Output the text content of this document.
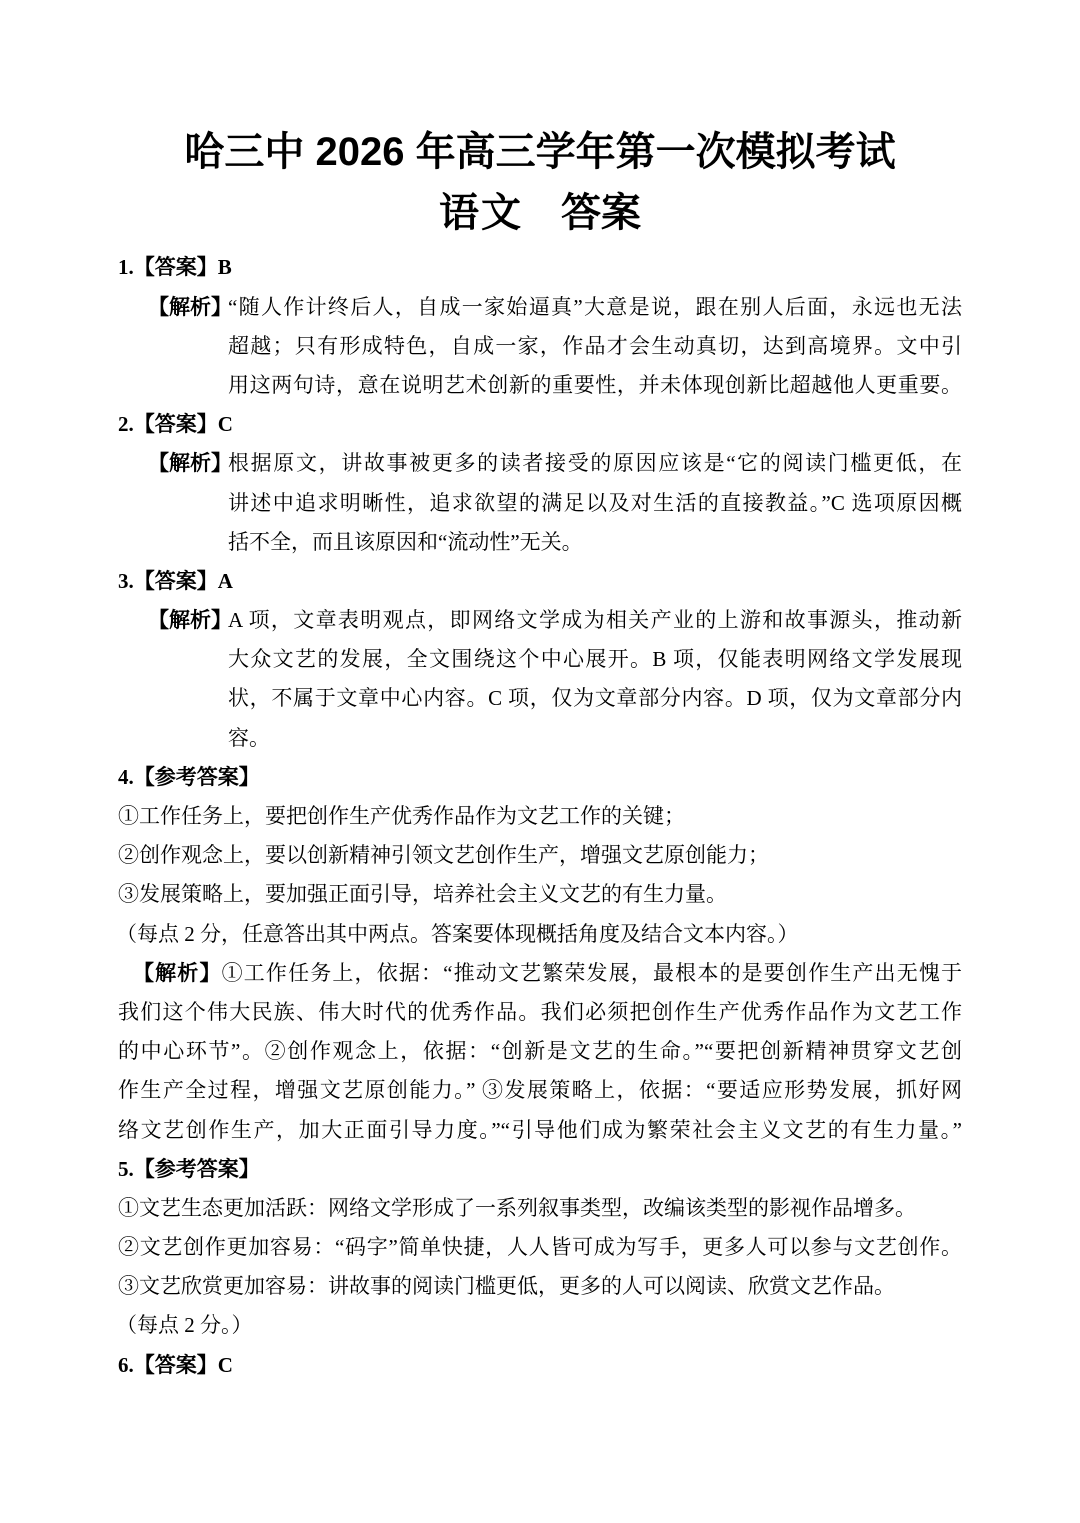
哈三中 2026 年高三学年第一次模拟考试
语文 答案
1.【答案】B
【解析】
“随人作计终后人，自成一家始逼真”大意是说，跟在别人后面，永远也无法
超越；只有形成特色，自成一家，作品才会生动真切，达到高境界。文中引
用这两句诗，意在说明艺术创新的重要性，并未体现创新比超越他人更重要。
2.【答案】C
【解析】
根据原文，讲故事被更多的读者接受的原因应该是“它的阅读门槛更低，在
讲述中追求明晰性，追求欲望的满足以及对生活的直接教益。”C 选项原因概
括不全，而且该原因和“流动性”无关。
3.【答案】A
【解析】
A 项，文章表明观点，即网络文学成为相关产业的上游和故事源头，推动新
大众文艺的发展，全文围绕这个中心展开。B 项，仅能表明网络文学发展现
状，不属于文章中心内容。C 项，仅为文章部分内容。D 项，仅为文章部分内
容。
4.【参考答案】
①工作任务上，要把创作生产优秀作品作为文艺工作的关键；
②创作观念上，要以创新精神引领文艺创作生产，增强文艺原创能力；
③发展策略上，要加强正面引导，培养社会主义文艺的有生力量。
（每点 2 分，任意答出其中两点。答案要体现概括角度及结合文本内容。）
【解析】①工作任务上，依据：“推动文艺繁荣发展，最根本的是要创作生产出无愧于
我们这个伟大民族、伟大时代的优秀作品。我们必须把创作生产优秀作品作为文艺工作
的中心环节”。②创作观念上，依据：“创新是文艺的生命。”“要把创新精神贯穿文艺创
作生产全过程，增强文艺原创能力。” ③发展策略上，依据：“要适应形势发展，抓好网
络文艺创作生产，加大正面引导力度。”“引导他们成为繁荣社会主义文艺的有生力量。”
5.【参考答案】
①文艺生态更加活跃：网络文学形成了一系列叙事类型，改编该类型的影视作品增多。
②文艺创作更加容易：“码字”简单快捷，人人皆可成为写手，更多人可以参与文艺创作。
③文艺欣赏更加容易：讲故事的阅读门槛更低，更多的人可以阅读、欣赏文艺作品。
（每点 2 分。）
6.【答案】C
